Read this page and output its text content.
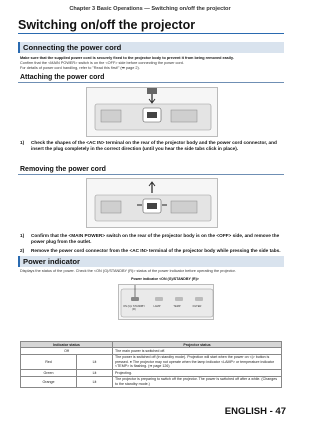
Chapter 3 Basic Operations — Switching on/off the projector
Switching on/off the projector
Connecting the power cord
Make sure that the supplied power cord is securely fixed to the projector body to prevent it from being removed easily.
Confirm that the <MAIN POWER> switch is on the <OFF> side before connecting the power cord.
For details of power cord handling, refer to "Read this first!" (➡ page 2).
Attaching the power cord
1)	Check the shapes of the <AC IN> terminal on the rear of the projector body and the power cord connector, and insert the plug completely in the correct direction (until you hear the side tabs click in place).
Removing the power cord
1)	Confirm that the <MAIN POWER> switch on the rear of the projector body is on the <OFF> side, and remove the power plug from the outlet.
2)	Remove the power cord connector from the <AC IN> terminal of the projector body while pressing the side tabs.
Power indicator <ON (G)/STANDBY (R)>
ON (G)/ STANDBY (R)
LAMP	TEMP	FILTER
Indicator status		Projector status
Off		The main power is switched off.
Red	Lit	The power is switched off (in standby mode). Projection will start when the power on <|> button is pressed. ● The projector may not operate when the lamp indicator <LAMP> or temperature indicator <TEMP> is flashing. (➡ page 126)
Green	Lit	Projecting.
Orange	Lit	The projector is preparing to switch off the projector. The power is switched off after a while. (Changes to the standby mode.)
ENGLISH - 47
Power indicator
Displays the status of the power. Check the <ON (G)/STANDBY (R)> status of the power indicator before operating the projector.
